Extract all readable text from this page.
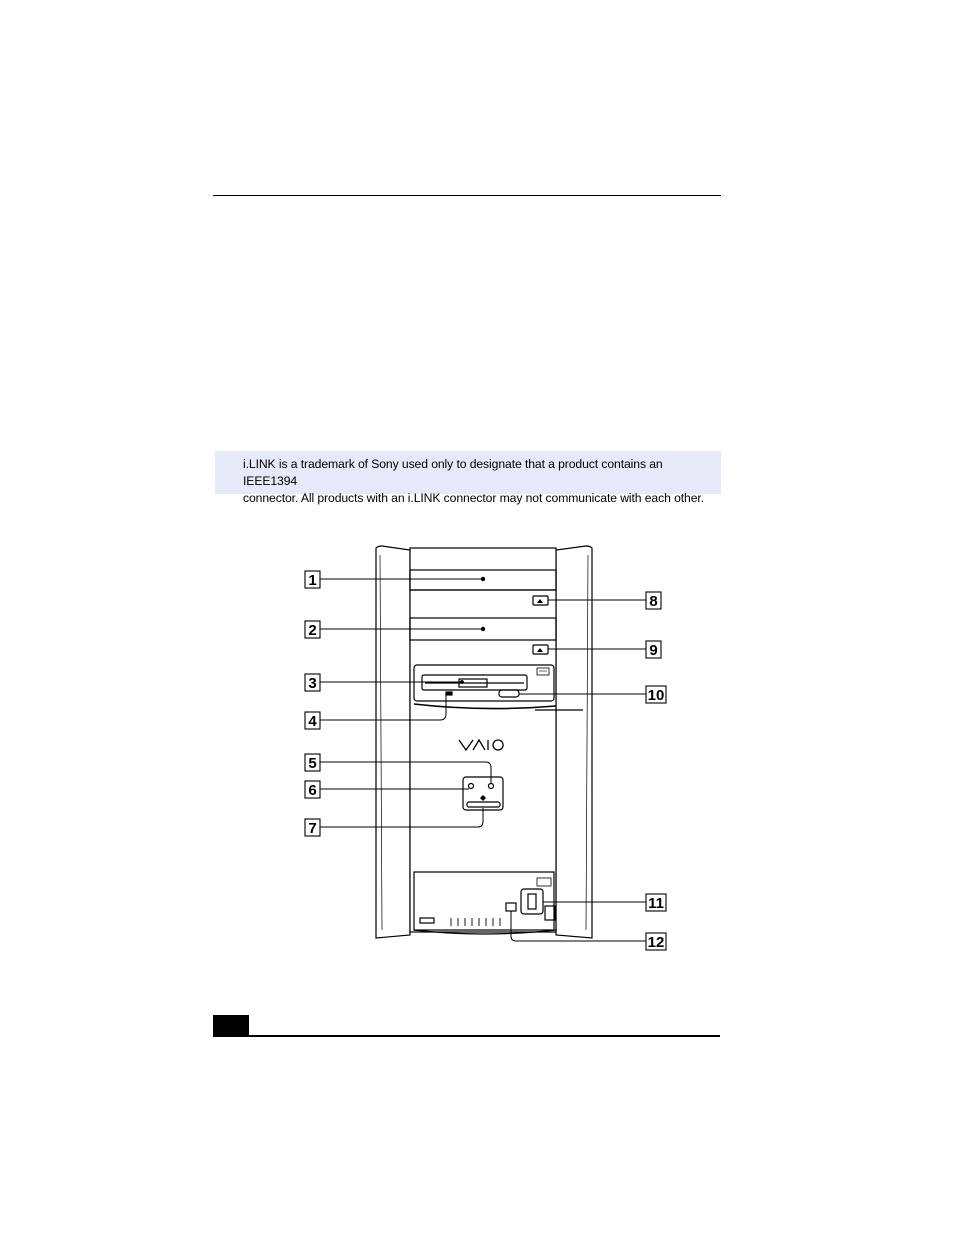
i.LINK is a trademark of Sony used only to designate that a product contains an IEEE1394
connector. All products with an i.LINK connector may not communicate with each other.
1
2
3
4
5
6
7
8
9
10
11
12
